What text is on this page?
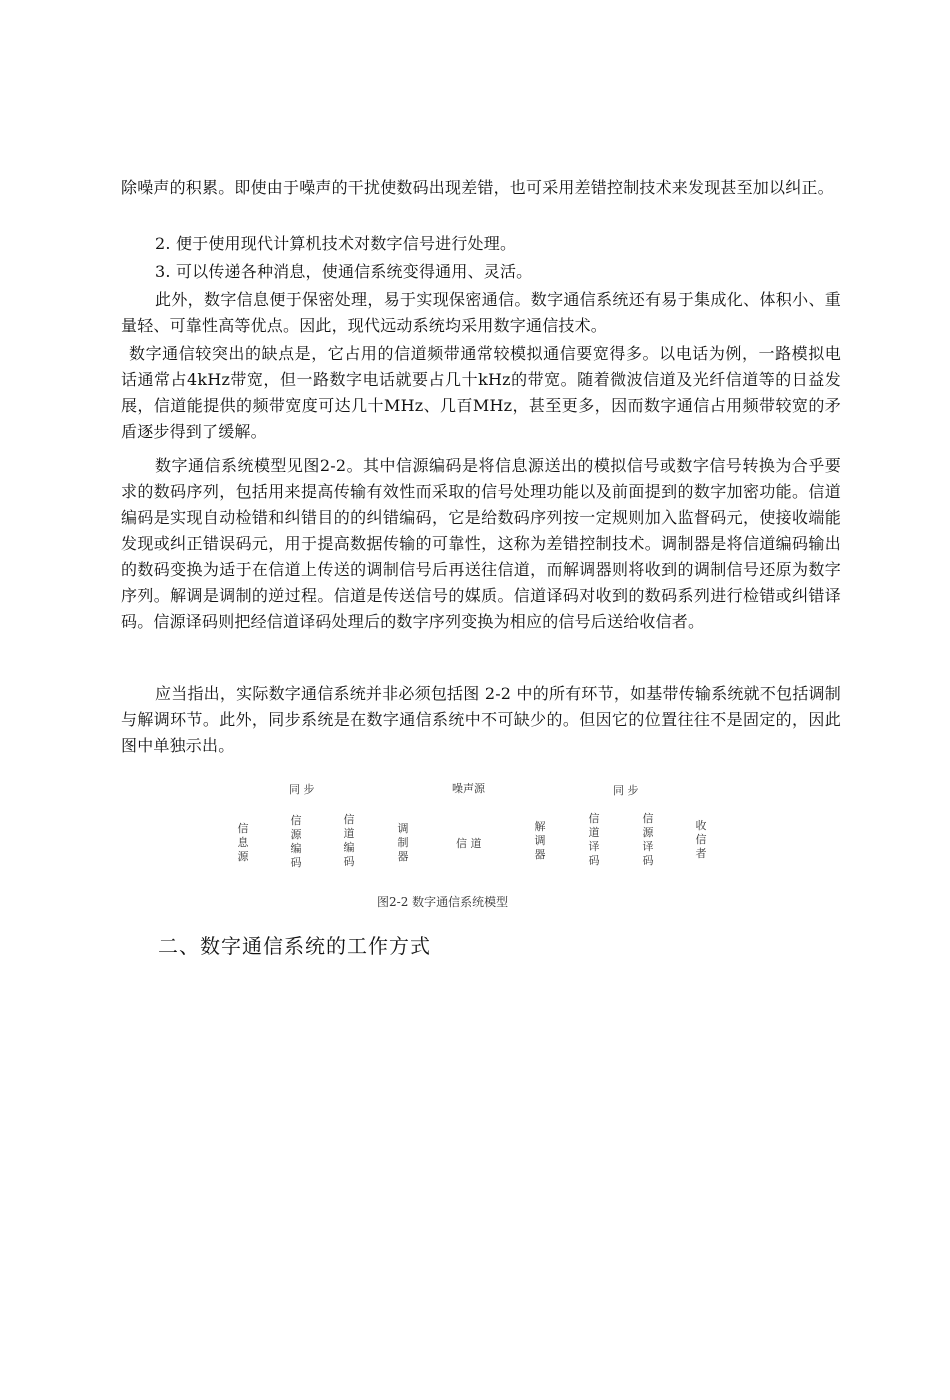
除噪声的积累。即使由于噪声的干扰使数码出现差错，也可采用差错控制技术来发现甚至加以纠正。

2. 便于使用现代计算机技术对数字信号进行处理。

3. 可以传递各种消息，使通信系统变得通用、灵活。

此外，数字信息便于保密处理，易于实现保密通信。数字通信系统还有易于集成化、体积小、重量轻、可靠性高等优点。因此，现代远动系统均采用数字通信技术。

数字通信较突出的缺点是，它占用的信道频带通常较模拟通信要宽得多。以电话为例，一路模拟电话通常占4kHz带宽，但一路数字电话就要占几十kHz的带宽。随着微波信道及光纤信道等的日益发展，信道能提供的频带宽度可达几十MHz、几百MHz，甚至更多，因而数字通信占用频带较宽的矛盾逐步得到了缓解。

数字通信系统模型见图2-2。其中信源编码是将信息源送出的模拟信号或数字信号转换为合乎要求的数码序列，包括用来提高传输有效性而采取的信号处理功能以及前面提到的数字加密功能。信道编码是实现自动检错和纠错目的的纠错编码，它是给数码序列按一定规则加入监督码元，使接收端能发现或纠正错误码元，用于提高数据传输的可靠性，这称为差错控制技术。调制器是将信道编码输出的数码变换为适于在信道上传送的调制信号后再送往信道，而解调器则将收到的调制信号还原为数字序列。解调是调制的逆过程。信道是传送信号的媒质。信道译码对收到的数码系列进行检错或纠错译码。信源译码则把经信道译码处理后的数字序列变换为相应的信号后送给收信者。

应当指出，实际数字通信系统并非必须包括图 2-2 中的所有环节，如基带传输系统就不包括调制与解调环节。此外，同步系统是在数字通信系统中不可缺少的。但因它的位置往往不是固定的，因此图中单独示出。

同 步	噪声源	同 步
信息源
信源编码
信道编码
调制器
信 道
解调器
信道译码
信源译码
收信者
图2-2 数字通信系统模型
二、数字通信系统的工作方式
